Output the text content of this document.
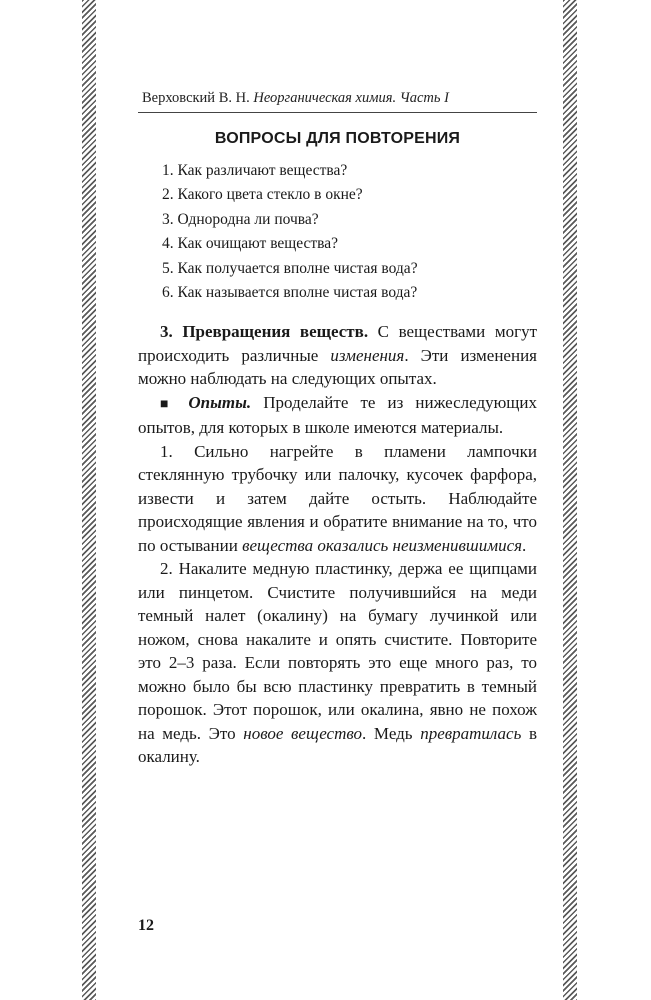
Верховский В. Н. Неорганическая химия. Часть I
ВОПРОСЫ ДЛЯ ПОВТОРЕНИЯ
1. Как различают вещества?
2. Какого цвета стекло в окне?
3. Однородна ли почва?
4. Как очищают вещества?
5. Как получается вполне чистая вода?
6. Как называется вполне чистая вода?

3. Превращения веществ. С веществами могут происходить различные изменения. Эти изменения можно наблюдать на следующих опытах.

■ Опыты. Проделайте те из нижеследующих опытов, для которых в школе имеются материалы.

1. Сильно нагрейте в пламени лампочки стеклянную трубочку или палочку, кусочек фарфора, извести и затем дайте остыть. Наблюдайте происходящие явления и обратите внимание на то, что по остывании вещества оказались неизменившимися.

2. Накалите медную пластинку, держа ее щипцами или пинцетом. Счистите получившийся на меди темный налет (окалину) на бумагу лучинкой или ножом, снова накалите и опять счистите. Повторите это 2–3 раза. Если повторять это еще много раз, то можно было бы всю пластинку превратить в темный порошок. Этот порошок, или окалина, явно не похож на медь. Это новое вещество. Медь превратилась в окалину.

12
